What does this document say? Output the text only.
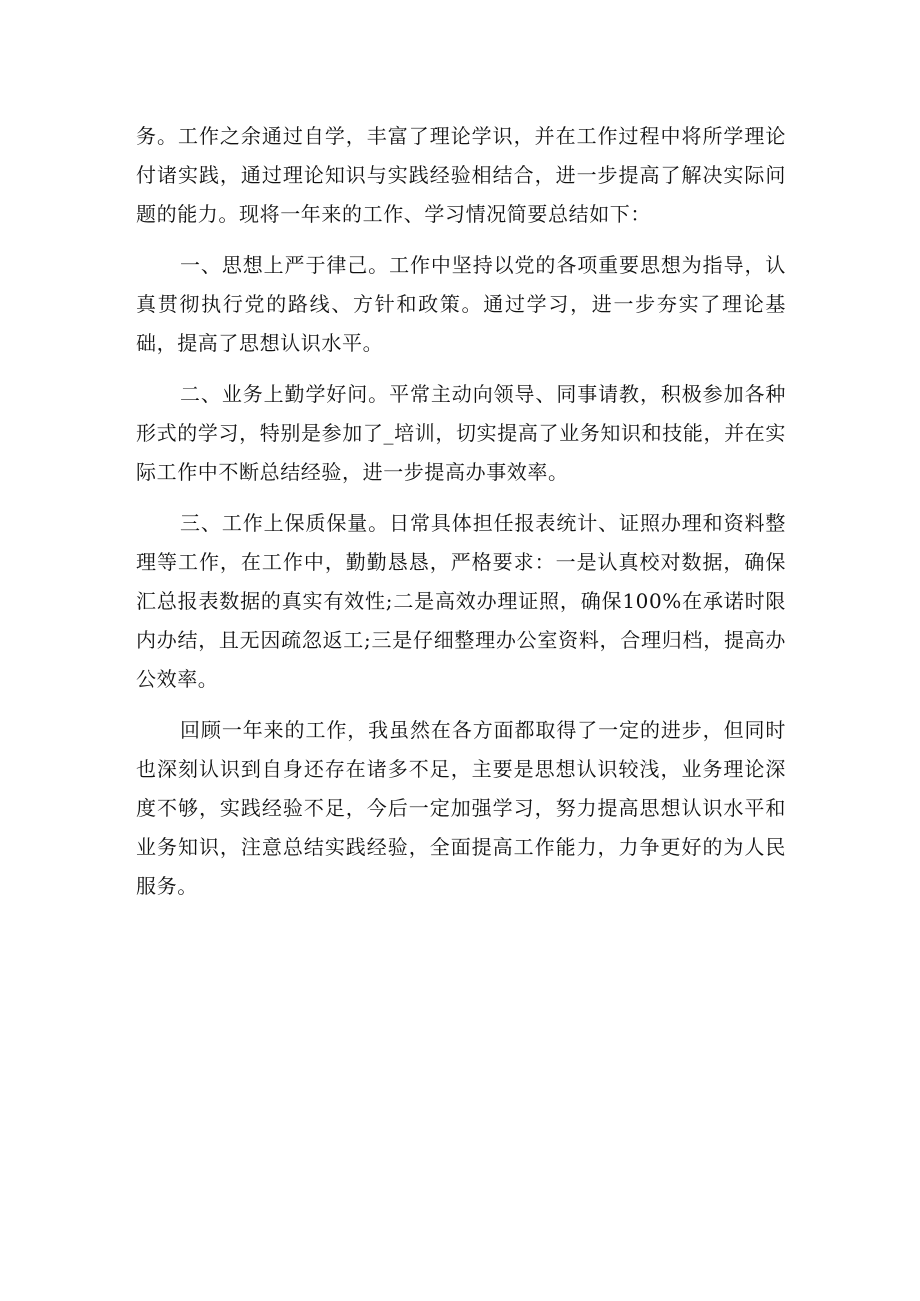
务。工作之余通过自学，丰富了理论学识，并在工作过程中将所学理论付诸实践，通过理论知识与实践经验相结合，进一步提高了解决实际问题的能力。现将一年来的工作、学习情况简要总结如下：

一、思想上严于律己。工作中坚持以党的各项重要思想为指导，认真贯彻执行党的路线、方针和政策。通过学习，进一步夯实了理论基础，提高了思想认识水平。

二、业务上勤学好问。平常主动向领导、同事请教，积极参加各种形式的学习，特别是参加了_培训，切实提高了业务知识和技能，并在实际工作中不断总结经验，进一步提高办事效率。

三、工作上保质保量。日常具体担任报表统计、证照办理和资料整理等工作，在工作中，勤勤恳恳，严格要求：一是认真校对数据，确保汇总报表数据的真实有效性;二是高效办理证照，确保100%在承诺时限内办结，且无因疏忽返工;三是仔细整理办公室资料，合理归档，提高办公效率。

回顾一年来的工作，我虽然在各方面都取得了一定的进步，但同时也深刻认识到自身还存在诸多不足，主要是思想认识较浅，业务理论深度不够，实践经验不足，今后一定加强学习，努力提高思想认识水平和业务知识，注意总结实践经验，全面提高工作能力，力争更好的为人民服务。
